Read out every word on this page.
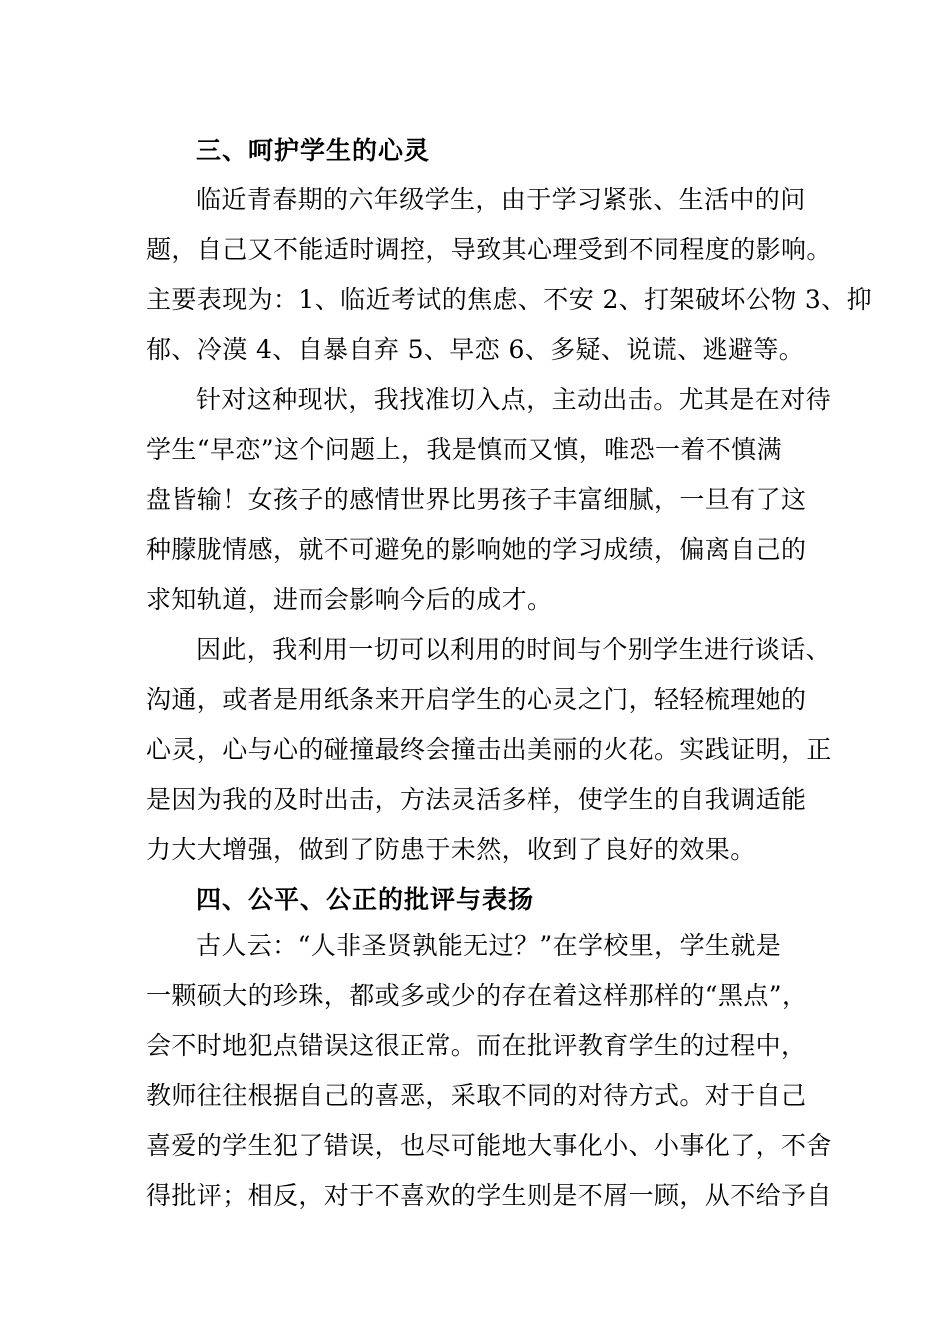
三、呵护学生的心灵
临近青春期的六年级学生，由于学习紧张、生活中的问
题，自己又不能适时调控，导致其心理受到不同程度的影响。
主要表现为：1、临近考试的焦虑、不安 2、打架破坏公物 3、抑
郁、冷漠 4、自暴自弃 5、早恋 6、多疑、说谎、逃避等。
针对这种现状，我找准切入点，主动出击。尤其是在对待
学生“早恋”这个问题上，我是慎而又慎，唯恐一着不慎满
盘皆输！女孩子的感情世界比男孩子丰富细腻，一旦有了这
种朦胧情感，就不可避免的影响她的学习成绩，偏离自己的
求知轨道，进而会影响今后的成才。
因此，我利用一切可以利用的时间与个别学生进行谈话、
沟通，或者是用纸条来开启学生的心灵之门，轻轻梳理她的
心灵，心与心的碰撞最终会撞击出美丽的火花。实践证明，正
是因为我的及时出击，方法灵活多样，使学生的自我调适能
力大大增强，做到了防患于未然，收到了良好的效果。
四、公平、公正的批评与表扬
古人云：“人非圣贤孰能无过？”在学校里，学生就是
一颗硕大的珍珠，都或多或少的存在着这样那样的“黑点”，
会不时地犯点错误这很正常。而在批评教育学生的过程中，
教师往往根据自己的喜恶，采取不同的对待方式。对于自己
喜爱的学生犯了错误，也尽可能地大事化小、小事化了，不舍
得批评；相反，对于不喜欢的学生则是不屑一顾，从不给予自
